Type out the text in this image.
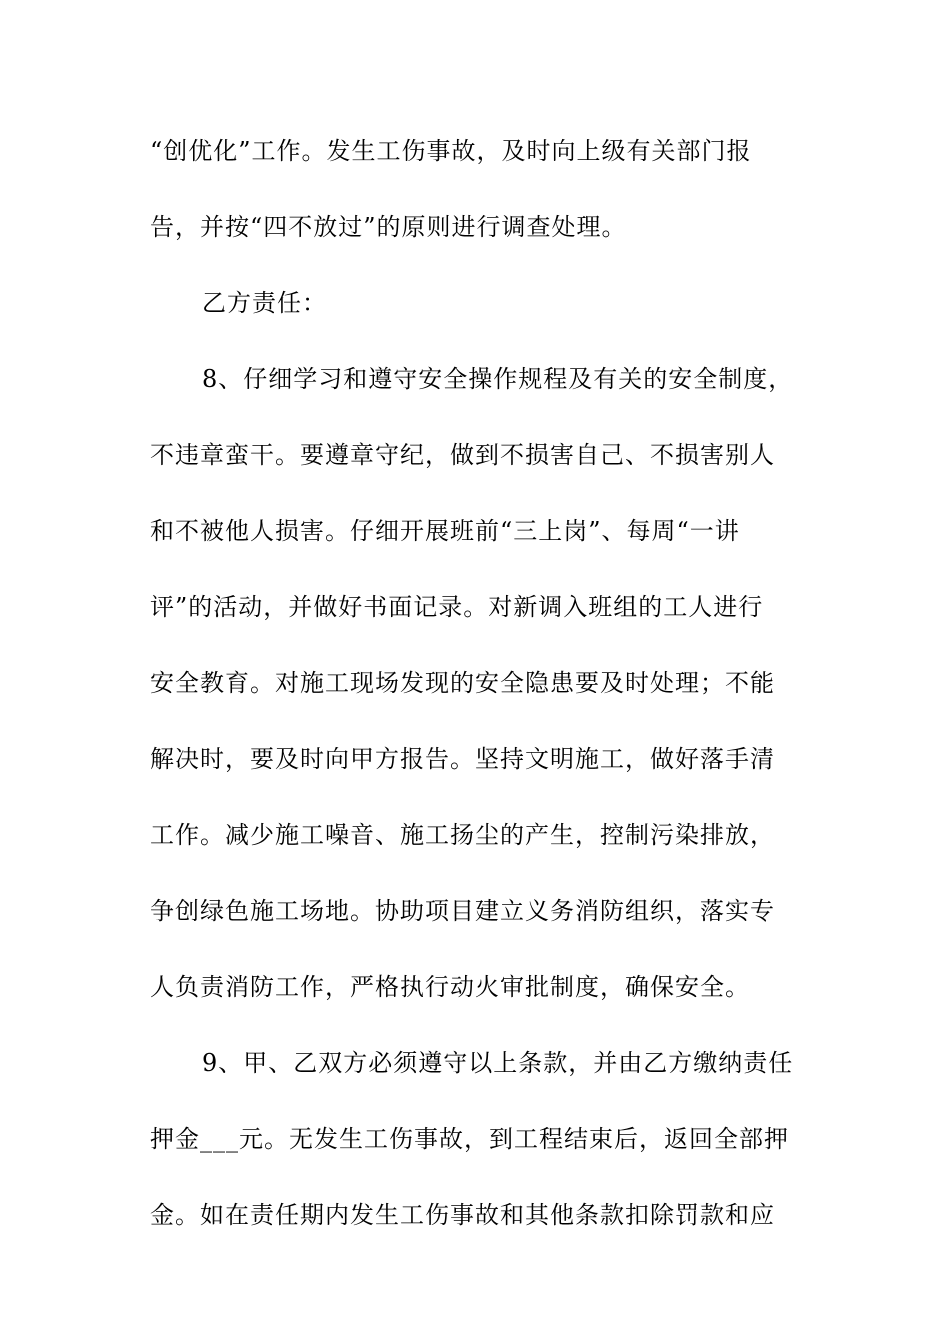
“创优化”工作。发生工伤事故，及时向上级有关部门报
告，并按“四不放过”的原则进行调查处理。
乙方责任：
8、仔细学习和遵守安全操作规程及有关的安全制度，
不违章蛮干。要遵章守纪，做到不损害自己、不损害别人
和不被他人损害。仔细开展班前“三上岗”、每周“一讲
评”的活动，并做好书面记录。对新调入班组的工人进行
安全教育。对施工现场发现的安全隐患要及时处理；不能
解决时，要及时向甲方报告。坚持文明施工，做好落手清
工作。减少施工噪音、施工扬尘的产生，控制污染排放，
争创绿色施工场地。协助项目建立义务消防组织，落实专
人负责消防工作，严格执行动火审批制度，确保安全。
9、甲、乙双方必须遵守以上条款，并由乙方缴纳责任
押金___元。无发生工伤事故，到工程结束后，返回全部押
金。如在责任期内发生工伤事故和其他条款扣除罚款和应
